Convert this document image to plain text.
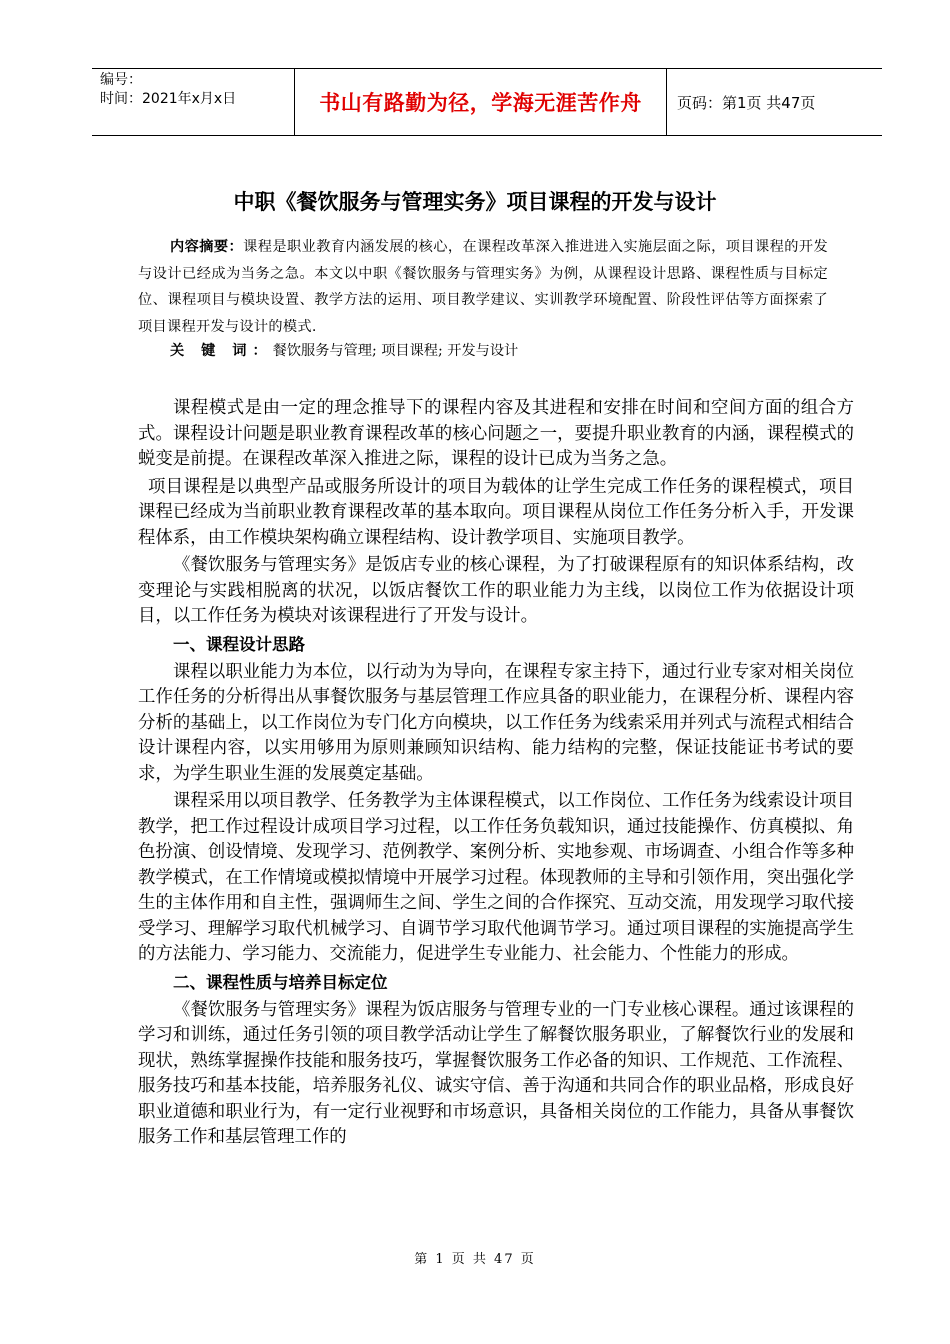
编号：
时间：2021年x月x日	书山有路勤为径，学海无涯苦作舟 页码：第1页 共47页
中职《餐饮服务与管理实务》项目课程的开发与设计
内容摘要：课程是职业教育内涵发展的核心，在课程改革深入推进进入实施层面之际，项目课程的开发与设计已经成为当务之急。本文以中职《餐饮服务与管理实务》为例，从课程设计思路、课程性质与目标定位、课程项目与模块设置、教学方法的运用、项目教学建议、实训教学环境配置、阶段性评估等方面探索了项目课程开发与设计的模式.
关 键 词：餐饮服务与管理; 项目课程; 开发与设计

课程模式是由一定的理念推导下的课程内容及其进程和安排在时间和空间方面的组合方式。课程设计问题是职业教育课程改革的核心问题之一，要提升职业教育的内涵，课程模式的蜕变是前提。在课程改革深入推进之际，课程的设计已成为当务之急。

项目课程是以典型产品或服务所设计的项目为载体的让学生完成工作任务的课程模式，项目课程已经成为当前职业教育课程改革的基本取向。项目课程从岗位工作任务分析入手，开发课程体系，由工作模块架构确立课程结构、设计教学项目、实施项目教学。

《餐饮服务与管理实务》是饭店专业的核心课程，为了打破课程原有的知识体系结构，改变理论与实践相脱离的状况，以饭店餐饮工作的职业能力为主线，以岗位工作为依据设计项目，以工作任务为模块对该课程进行了开发与设计。

一、课程设计思路

课程以职业能力为本位，以行动为为导向，在课程专家主持下，通过行业专家对相关岗位工作任务的分析得出从事餐饮服务与基层管理工作应具备的职业能力，在课程分析、课程内容分析的基础上，以工作岗位为专门化方向模块，以工作任务为线索采用并列式与流程式相结合设计课程内容，以实用够用为原则兼顾知识结构、能力结构的完整，保证技能证书考试的要求，为学生职业生涯的发展奠定基础。

课程采用以项目教学、任务教学为主体课程模式，以工作岗位、工作任务为线索设计项目教学，把工作过程设计成项目学习过程，以工作任务负载知识，通过技能操作、仿真模拟、角色扮演、创设情境、发现学习、范例教学、案例分析、实地参观、市场调查、小组合作等多种教学模式，在工作情境或模拟情境中开展学习过程。体现教师的主导和引领作用，突出强化学生的主体作用和自主性，强调师生之间、学生之间的合作探究、互动交流，用发现学习取代接受学习、理解学习取代机械学习、自调节学习取代他调节学习。通过项目课程的实施提高学生的方法能力、学习能力、交流能力，促进学生专业能力、社会能力、个性能力的形成。

二、课程性质与培养目标定位

《餐饮服务与管理实务》课程为饭店服务与管理专业的一门专业核心课程。通过该课程的学习和训练，通过任务引领的项目教学活动让学生了解餐饮服务职业，了解餐饮行业的发展和现状，熟练掌握操作技能和服务技巧，掌握餐饮服务工作必备的知识、工作规范、工作流程、服务技巧和基本技能，培养服务礼仪、诚实守信、善于沟通和共同合作的职业品格，形成良好职业道德和职业行为，有一定行业视野和市场意识，具备相关岗位的工作能力，具备从事餐饮服务工作和基层管理工作的

第 1 页 共 47 页
